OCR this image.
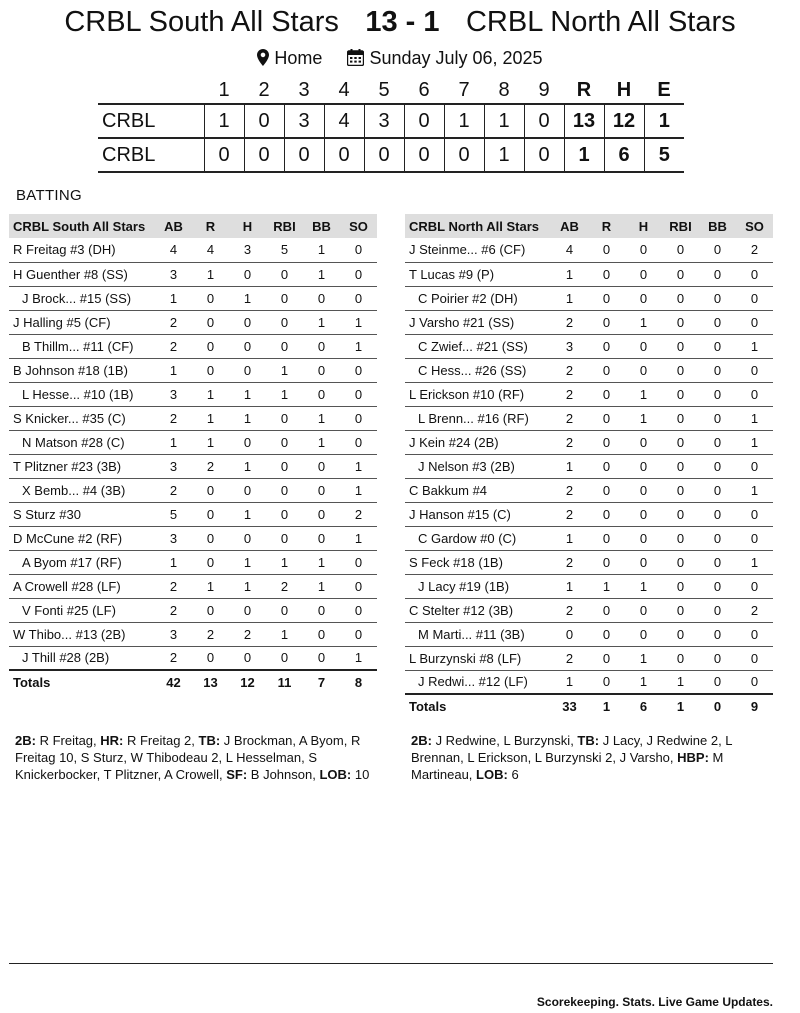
CRBL South All Stars 13 - 1 CRBL North All Stars
Home	Sunday July 06, 2025
	1	2	3	4	5	6	7	8	9	R	H	E
CRBL	1	0	3	4	3	0	1	1	0	13	12	1
CRBL	0	0	0	0	0	0	0	1	0	1	6	5
BATTING
CRBL South All Stars	AB	R	H	RBI	BB	SO
R Freitag #3 (DH)	4	4	3	5	1	0
H Guenther #8 (SS)	3	1	0	0	1	0
J Brock... #15 (SS)	1	0	1	0	0	0
J Halling #5 (CF)	2	0	0	0	1	1
B Thillm... #11 (CF)	2	0	0	0	0	1
B Johnson #18 (1B)	1	0	0	1	0	0
L Hesse... #10 (1B)	3	1	1	1	0	0
S Knicker... #35 (C)	2	1	1	0	1	0
N Matson #28 (C)	1	1	0	0	1	0
T Plitzner #23 (3B)	3	2	1	0	0	1
X Bemb... #4 (3B)	2	0	0	0	0	1
S Sturz #30	5	0	1	0	0	2
D McCune #2 (RF)	3	0	0	0	0	1
A Byom #17 (RF)	1	0	1	1	1	0
A Crowell #28 (LF)	2	1	1	2	1	0
V Fonti #25 (LF)	2	0	0	0	0	0
W Thibo... #13 (2B)	3	2	2	1	0	0
J Thill #28 (2B)	2	0	0	0	0	1
Totals	42	13	12	11	7	8
CRBL North All Stars	AB	R	H	RBI	BB	SO
J Steinme... #6 (CF)	4	0	0	0	0	2
T Lucas #9 (P)	1	0	0	0	0	0
C Poirier #2 (DH)	1	0	0	0	0	0
J Varsho #21 (SS)	2	0	1	0	0	0
C Zwief... #21 (SS)	3	0	0	0	0	1
C Hess... #26 (SS)	2	0	0	0	0	0
L Erickson #10 (RF)	2	0	1	0	0	0
L Brenn... #16 (RF)	2	0	1	0	0	1
J Kein #24 (2B)	2	0	0	0	0	1
J Nelson #3 (2B)	1	0	0	0	0	0
C Bakkum #4	2	0	0	0	0	1
J Hanson #15 (C)	2	0	0	0	0	0
C Gardow #0 (C)	1	0	0	0	0	0
S Feck #18 (1B)	2	0	0	0	0	1
J Lacy #19 (1B)	1	1	1	0	0	0
C Stelter #12 (3B)	2	0	0	0	0	2
M Marti... #11 (3B)	0	0	0	0	0	0
L Burzynski #8 (LF)	2	0	1	0	0	0
J Redwi... #12 (LF)	1	0	1	1	0	0
Totals	33	1	6	1	0	9
2B: R Freitag, HR: R Freitag 2, TB: J Brockman, A Byom, R Freitag 10, S Sturz, W Thibodeau 2, L Hesselman, S Knickerbocker, T Plitzner, A Crowell, SF: B Johnson, LOB: 10
2B: J Redwine, L Burzynski, TB: J Lacy, J Redwine 2, L Brennan, L Erickson, L Burzynski 2, J Varsho, HBP: M Martineau, LOB: 6
Scorekeeping. Stats. Live Game Updates.
